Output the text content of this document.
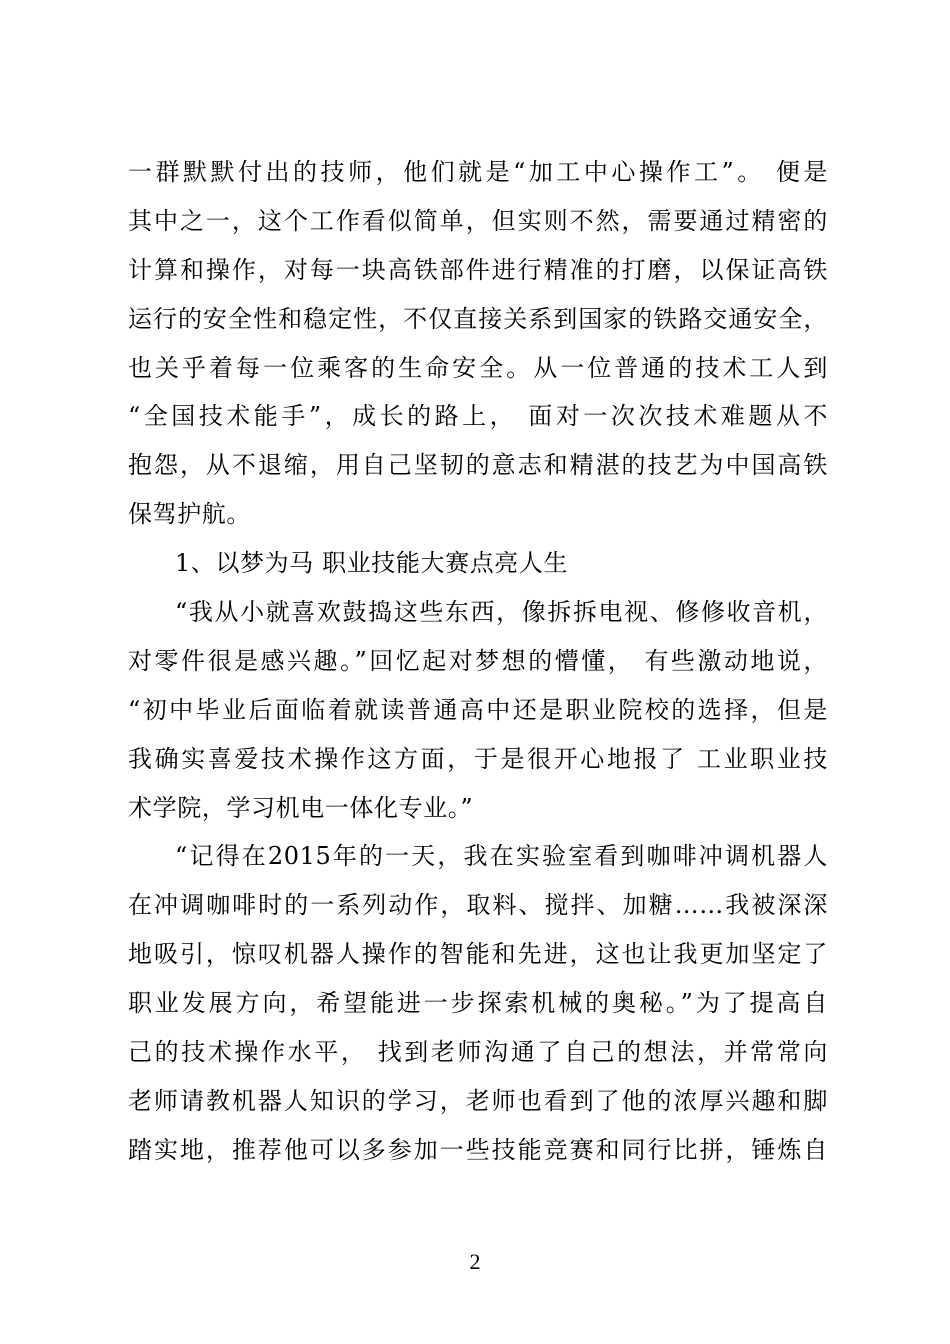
一群默默付出的技师，他们就是“加工中心操作工”。 便是
其中之一，这个工作看似简单，但实则不然，需要通过精密的
计算和操作，对每一块高铁部件进行精准的打磨，以保证高铁
运行的安全性和稳定性，不仅直接关系到国家的铁路交通安全，
也关乎着每一位乘客的生命安全。从一位普通的技术工人到
“全国技术能手”，成长的路上， 面对一次次技术难题从不
抱怨，从不退缩，用自己坚韧的意志和精湛的技艺为中国高铁
保驾护航。
1、以梦为马 职业技能大赛点亮人生
“我从小就喜欢鼓捣这些东西，像拆拆电视、修修收音机，
对零件很是感兴趣。”回忆起对梦想的懵懂， 有些激动地说，
“初中毕业后面临着就读普通高中还是职业院校的选择，但是
我确实喜爱技术操作这方面，于是很开心地报了 工业职业技
术学院，学习机电一体化专业。”
“记得在2015年的一天，我在实验室看到咖啡冲调机器人
在冲调咖啡时的一系列动作，取料、搅拌、加糖……我被深深
地吸引，惊叹机器人操作的智能和先进，这也让我更加坚定了
职业发展方向，希望能进一步探索机械的奥秘。”为了提高自
己的技术操作水平， 找到老师沟通了自己的想法，并常常向
老师请教机器人知识的学习，老师也看到了他的浓厚兴趣和脚
踏实地，推荐他可以多参加一些技能竞赛和同行比拼，锤炼自
2
